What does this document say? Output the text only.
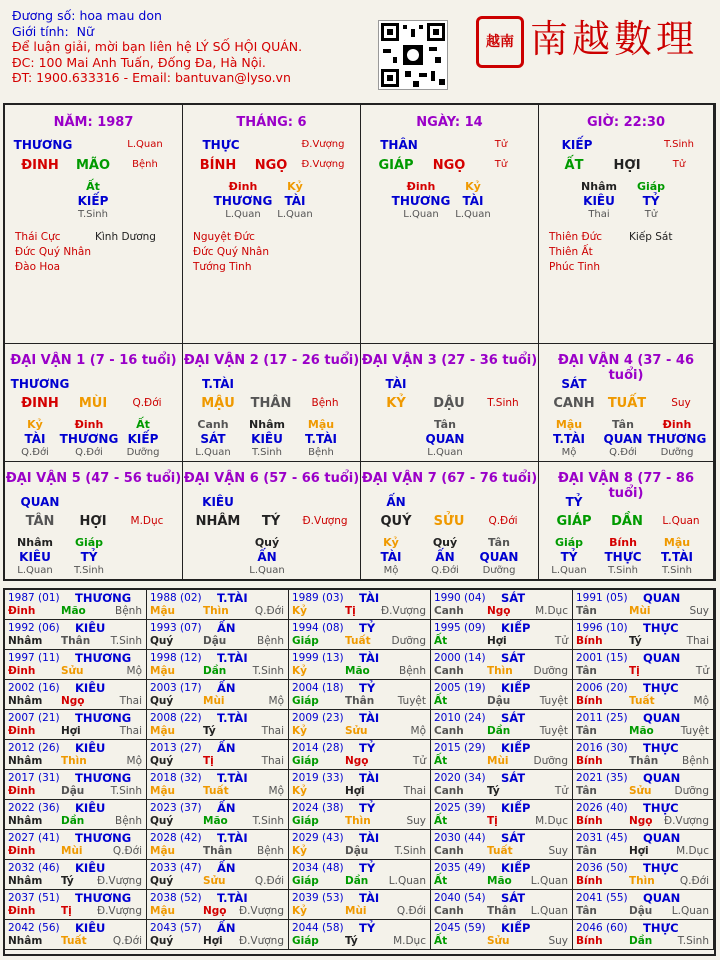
Đương số: hoa mau don
Giới tính: Nữ
Để luận giải, mời bạn liên hệ LÝ SỐ HỘI QUÁN.
ĐC: 100 Mai Anh Tuấn, Đống Đa, Hà Nội.
ĐT: 1900.633316 - Email: bantuvan@lyso.vn
越南 南越數理
NĂM: 1987
THƯƠNG	L.Quan
ĐINH	MÃO	Bệnh
Ất
KIẾP
T.Sinh
Thái Cực
Đức Quý Nhân
Đào Hoa
Kình Dương
THÁNG: 6
THỰC	Đ.Vượng
BÍNH	NGỌ	Đ.Vượng
Đinh
THƯƠNG
L.Quan
Kỷ
TÀI
L.Quan
Nguyệt Đức
Đức Quý Nhân
Tướng Tinh
NGÀY: 14
THÂN	Tử
GIÁP	NGỌ	Tử
Đinh
THƯƠNG
L.Quan
Kỷ
TÀI
L.Quan
GIỜ: 22:30
KIẾP	T.Sinh
ẤT	HỢI	Tử
Nhâm
KIÊU
Thai
Giáp
TỶ
Tử
Thiên Đức
Thiên Ất
Phúc Tinh
Kiếp Sát
ĐẠI VẬN 1 (7 - 16 tuổi)
THƯƠNG
ĐINH	MÙI	Q.Đới
Kỷ
TÀI
Q.Đới
Đinh
THƯƠNG
Q.Đới
Ất
KIẾP
Dưỡng
ĐẠI VẬN 2 (17 - 26 tuổi)
T.TÀI
MẬU	THÂN	Bệnh
Canh
SÁT
L.Quan
Nhâm
KIÊU
T.Sinh
Mậu
T.TÀI
Bệnh
ĐẠI VẬN 3 (27 - 36 tuổi)
TÀI
KỶ	DẬU	T.Sinh
Tân
QUAN
L.Quan
ĐẠI VẬN 4 (37 - 46 tuổi)
SÁT
CANH	TUẤT	Suy
Mậu
T.TÀI
Mộ
Tân
QUAN
Q.Đới
Đinh
THƯƠNG
Dưỡng
ĐẠI VẬN 5 (47 - 56 tuổi)
QUAN
TÂN	HỢI	M.Dục
Nhâm
KIÊU
L.Quan
Giáp
TỶ
T.Sinh
ĐẠI VẬN 6 (57 - 66 tuổi)
KIÊU
NHÂM	TÝ	Đ.Vượng
Quý
ẤN
L.Quan
ĐẠI VẬN 7 (67 - 76 tuổi)
ẤN
QUÝ	SỬU	Q.Đới
Kỷ
TÀI
Mộ
Quý
ẤN
Q.Đới
Tân
QUAN
Dưỡng
ĐẠI VẬN 8 (77 - 86 tuổi)
TỶ
GIÁP	DẦN	L.Quan
Giáp
TỶ
L.Quan
Bính
THỰC
T.Sinh
Mậu
T.TÀI
T.Sinh
1987 (01) THƯƠNG
Đinh Mão	Bệnh
1988 (02) T.TÀI
Mậu	Thìn Q.Đới
1989 (03) TÀI
Kỷ	Tị Đ.Vượng
1990 (04) SÁT
Canh Ngọ M.Dục
1991 (05) QUAN
Tân	Mùi	Suy
1992 (06) KIÊU
Nhâm Thân T.Sinh
1993 (07) ẤN
Quý	Dậu	Bệnh
1994 (08) TỶ
Giáp Tuất Dưỡng
1995 (09) KIẾP
Ất	Hợi	Tử
1996 (10) THỰC
Bính	Tý	Thai
1997 (11) THƯƠNG
Đinh Sửu	Mộ
1998 (12) T.TÀI
Mậu	Dần	T.Sinh
1999 (13) TÀI
Kỷ	Mão	Bệnh
2000 (14) SÁT
Canh Thìn Dưỡng
2001 (15) QUAN
Tân	Tị	Tử
2002 (16) KIÊU
Nhâm Ngọ	Thai
2003 (17) ẤN
Quý	Mùi	Mộ
2004 (18) TỶ
Giáp Thân Tuyệt
2005 (19) KIẾP
Ất	Dậu	Tuyệt
2006 (20) THỰC
Bính	Tuất	Mộ
2007 (21) THƯƠNG
Đinh Hợi	Thai
2008 (22) T.TÀI
Mậu	Tý	Thai
2009 (23) TÀI
Kỷ	Sửu	Mộ
2010 (24) SÁT
Canh Dần	Tuyệt
2011 (25) QUAN
Tân	Mão	Tuyệt
2012 (26) KIÊU
Nhâm Thìn	Mộ
2013 (27) ẤN
Quý	Tị	Thai
2014 (28) TỶ
Giáp Ngọ	Tử
2015 (29) KIẾP
Ất	Mùi Dưỡng
2016 (30) THỰC
Bính	Thân Bệnh
2017 (31) THƯƠNG
Đinh Dậu	T.Sinh
2018 (32) T.TÀI
Mậu	Tuất	Mộ
2019 (33) TÀI
Kỷ	Hợi	Thai
2020 (34) SÁT
Canh Tý	Tử
2021 (35) QUAN
Tân	Sửu Dưỡng
2022 (36) KIÊU
Nhâm Dần	Bệnh
2023 (37) ẤN
Quý	Mão T.Sinh
2024 (38) TỶ
Giáp Thìn	Suy
2025 (39) KIẾP
Ất	Tị	M.Dục
2026 (40) THỰC
Bính	Ngọ Đ.Vượng
2027 (41) THƯƠNG
Đinh Mùi	Q.Đới
2028 (42) T.TÀI
Mậu	Thân Bệnh
2029 (43) TÀI
Kỷ	Dậu	T.Sinh
2030 (44) SÁT
Canh Tuất	Suy
2031 (45) QUAN
Tân	Hợi	M.Dục
2032 (46) KIÊU
Nhâm Tý Đ.Vượng
2033 (47) ẤN
Quý	Sửu	Q.Đới
2034 (48) TỶ
Giáp Dần L.Quan
2035 (49) KIẾP
Ất	Mão L.Quan
2036 (50) THỰC
Bính	Thìn Q.Đới
2037 (51) THƯƠNG
Đinh Tị Đ.Vượng
2038 (52) T.TÀI
Mậu	Ngọ Đ.Vượng
2039 (53) TÀI
Kỷ	Mùi	Q.Đới
2040 (54) SÁT
Canh Thân L.Quan
2041 (55) QUAN
Tân	Dậu L.Quan
2042 (56) KIÊU
Nhâm Tuất	Q.Đới
2043 (57) ẤN
Quý	Hợi Đ.Vượng
2044 (58) TỶ
Giáp Tý	M.Dục
2045 (59) KIẾP
Ất	Sửu	Suy
2046 (60) THỰC
Bính	Dần T.Sinh
